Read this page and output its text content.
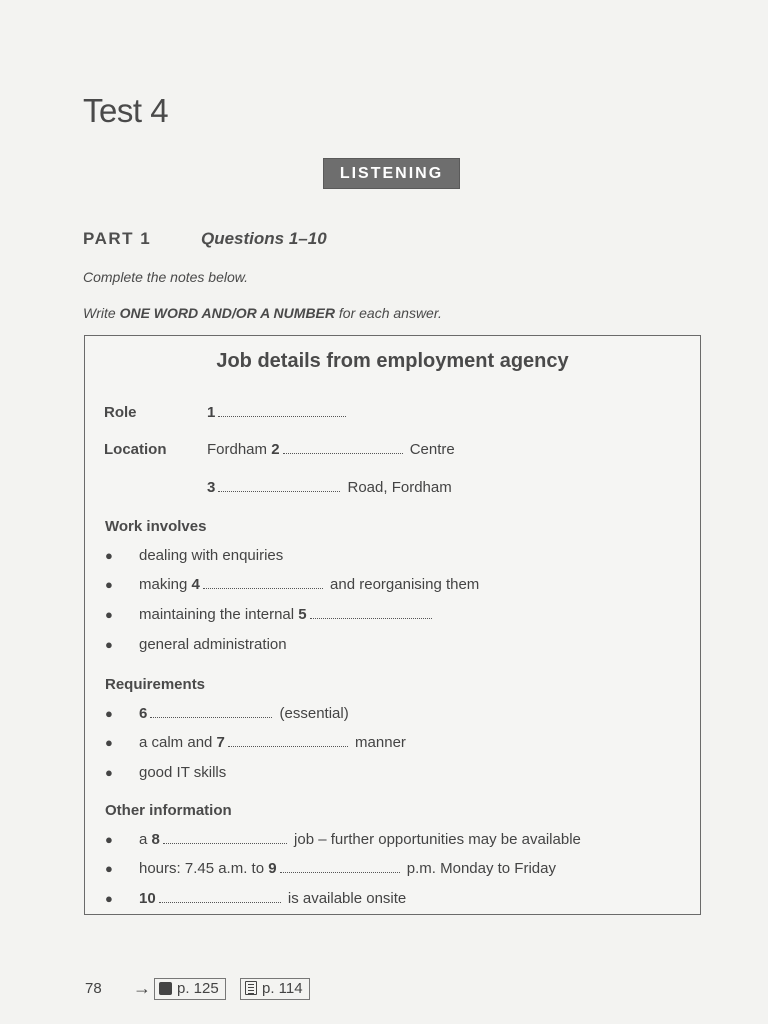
Test 4
LISTENING
PART 1	Questions 1–10
Complete the notes below.
Write ONE WORD AND/OR A NUMBER for each answer.
Job details from employment agency
Role	1
Location	Fordham 2	Centre
3	Road, Fordham
Work involves
● dealing with enquiries
● making 4	and reorganising them
● maintaining the internal 5
● general administration
Requirements
● 6	(essential)
● a calm and 7	manner
● good IT skills
Other information
● a 8	job – further opportunities may be available
● hours: 7.45 a.m. to 9	p.m. Monday to Friday
● 10	is available onsite
78 →	p. 125	p. 114
